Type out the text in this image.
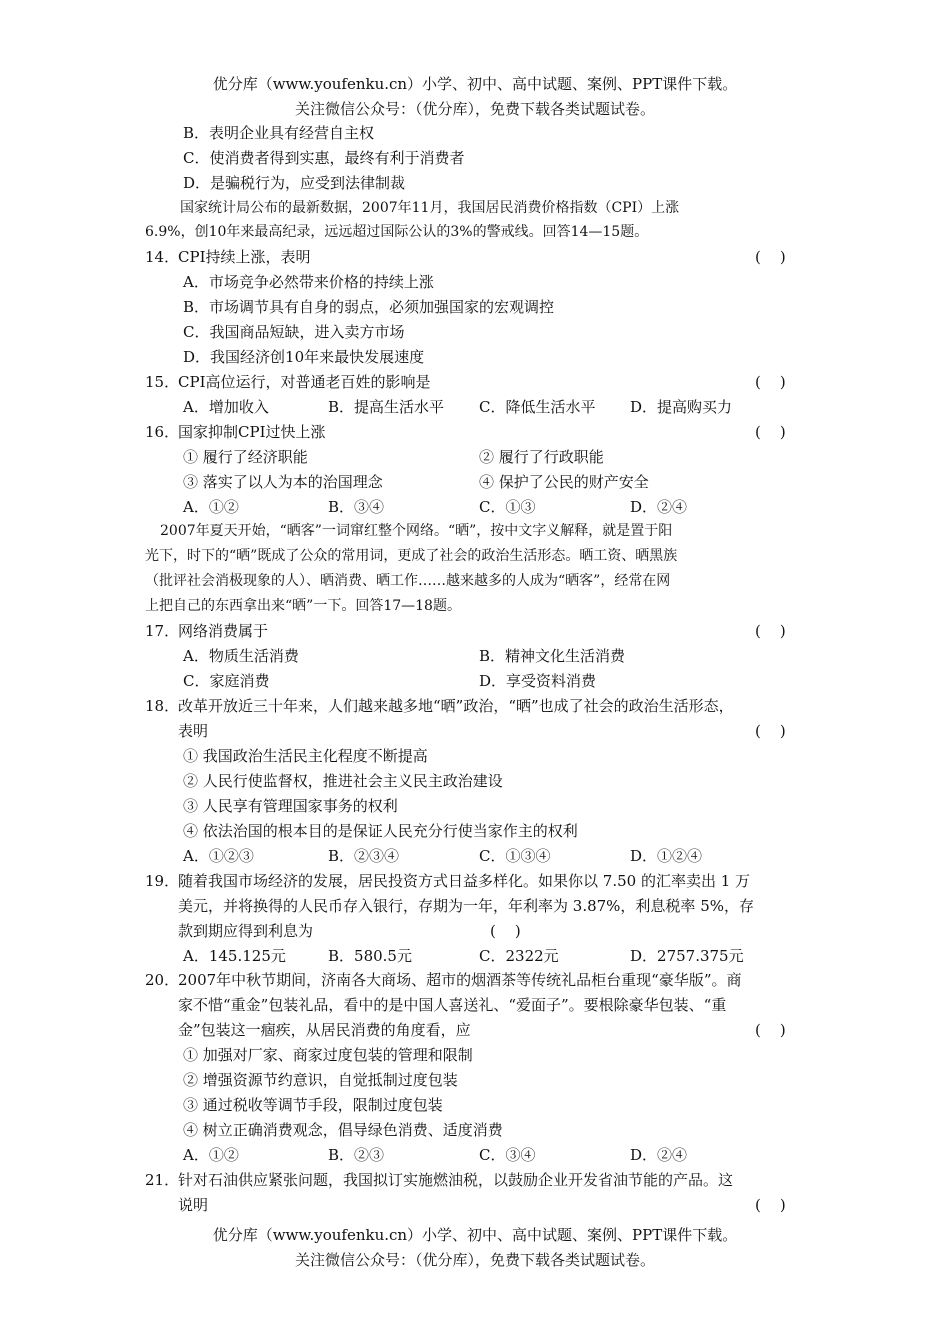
优分库（www.youfenku.cn）小学、初中、高中试题、案例、PPT课件下载。
关注微信公众号：（优分库），免费下载各类试题试卷。
B．表明企业具有经营自主权
C．使消费者得到实惠，最终有利于消费者
D．是骗税行为，应受到法律制裁
国家统计局公布的最新数据，2007年11月，我国居民消费价格指数（CPI）上涨
6.9%，创10年来最高纪录，远远超过国际公认的3%的警戒线。回答14—15题。
14．
CPI持续上涨，表明	(    )
A．市场竞争必然带来价格的持续上涨
B．市场调节具有自身的弱点，必须加强国家的宏观调控
C．我国商品短缺，进入卖方市场
D．我国经济创10年来最快发展速度
15．
CPI高位运行，对普通老百姓的影响是	(    )
A．增加收入	B．提高生活水平 C．降低生活水平 D．提高购买力
16．
国家抑制CPI过快上涨	(    )
① 履行了经济职能	② 履行了行政职能
③ 落实了以人为本的治国理念	④ 保护了公民的财产安全
A．①②	B．③④	C．①③	D．②④
2007年夏天开始，“晒客”一词窜红整个网络。“晒”，按中文字义解释，就是置于阳
光下，时下的“晒”既成了公众的常用词，更成了社会的政治生活形态。晒工资、晒黑族
（批评社会消极现象的人）、晒消费、晒工作……越来越多的人成为“晒客”，经常在网
上把自己的东西拿出来“晒”一下。回答17—18题。
17．
网络消费属于	(    )
A．物质生活消费	B．精神文化生活消费
C．家庭消费	D．享受资料消费
18．
改革开放近三十年来，人们越来越多地“晒”政治，“晒”也成了社会的政治生活形态，
表明	(    )
① 我国政治生活民主化程度不断提高
② 人民行使监督权，推进社会主义民主政治建设
③ 人民享有管理国家事务的权利
④ 依法治国的根本目的是保证人民充分行使当家作主的权利
A．①②③	B．②③④	C．①③④	D．①②④
19．
随着我国市场经济的发展，居民投资方式日益多样化。如果你以 7.50 的汇率卖出 1 万
美元，并将换得的人民币存入银行，存期为一年，年利率为 3.87%，利息税率 5%，存
款到期应得到利息为	(    )
A．145.125元	B．580.5元	C．2322元	D．2757.375元
20．
2007年中秋节期间，济南各大商场、超市的烟酒茶等传统礼品柜台重现“豪华版”。商
家不惜“重金”包装礼品，看中的是中国人喜送礼、“爱面子”。要根除豪华包装、“重
金”包装这一痼疾，从居民消费的角度看，应	(    )
① 加强对厂家、商家过度包装的管理和限制
② 增强资源节约意识，自觉抵制过度包装
③ 通过税收等调节手段，限制过度包装
④ 树立正确消费观念，倡导绿色消费、适度消费
A．①②	B．②③	C．③④	D．②④
21．
针对石油供应紧张问题，我国拟订实施燃油税，以鼓励企业开发省油节能的产品。这
说明	(    )
优分库（www.youfenku.cn）小学、初中、高中试题、案例、PPT课件下载。
关注微信公众号：（优分库），免费下载各类试题试卷。
